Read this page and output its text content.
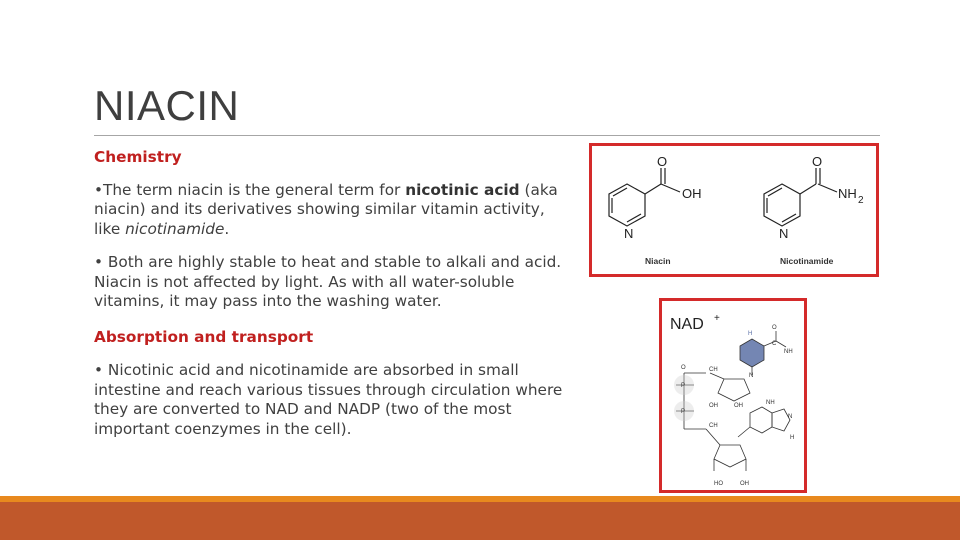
NIACIN

Chemistry

•The term niacin is the general term for nicotinic acid (aka niacin) and its derivatives showing similar vitamin activity, like nicotinamide.

• Both are highly stable to heat and stable to alkali and acid. Niacin is not affected by light. As with all water-soluble vitamins, it may pass into the washing water.

Absorption and transport

• Nicotinic acid and nicotinamide are absorbed in small intestine and reach various tissues through circulation where they are converted to NAD and NADP (two of the most important coenzymes in the cell).

O
OH
N
O
NH 2
N
Niacin	Nicotinamide
NAD +
H
O
C
NH
N
CH
O
P
P
OH	OH
CH
NH
N
H
HO	OH
